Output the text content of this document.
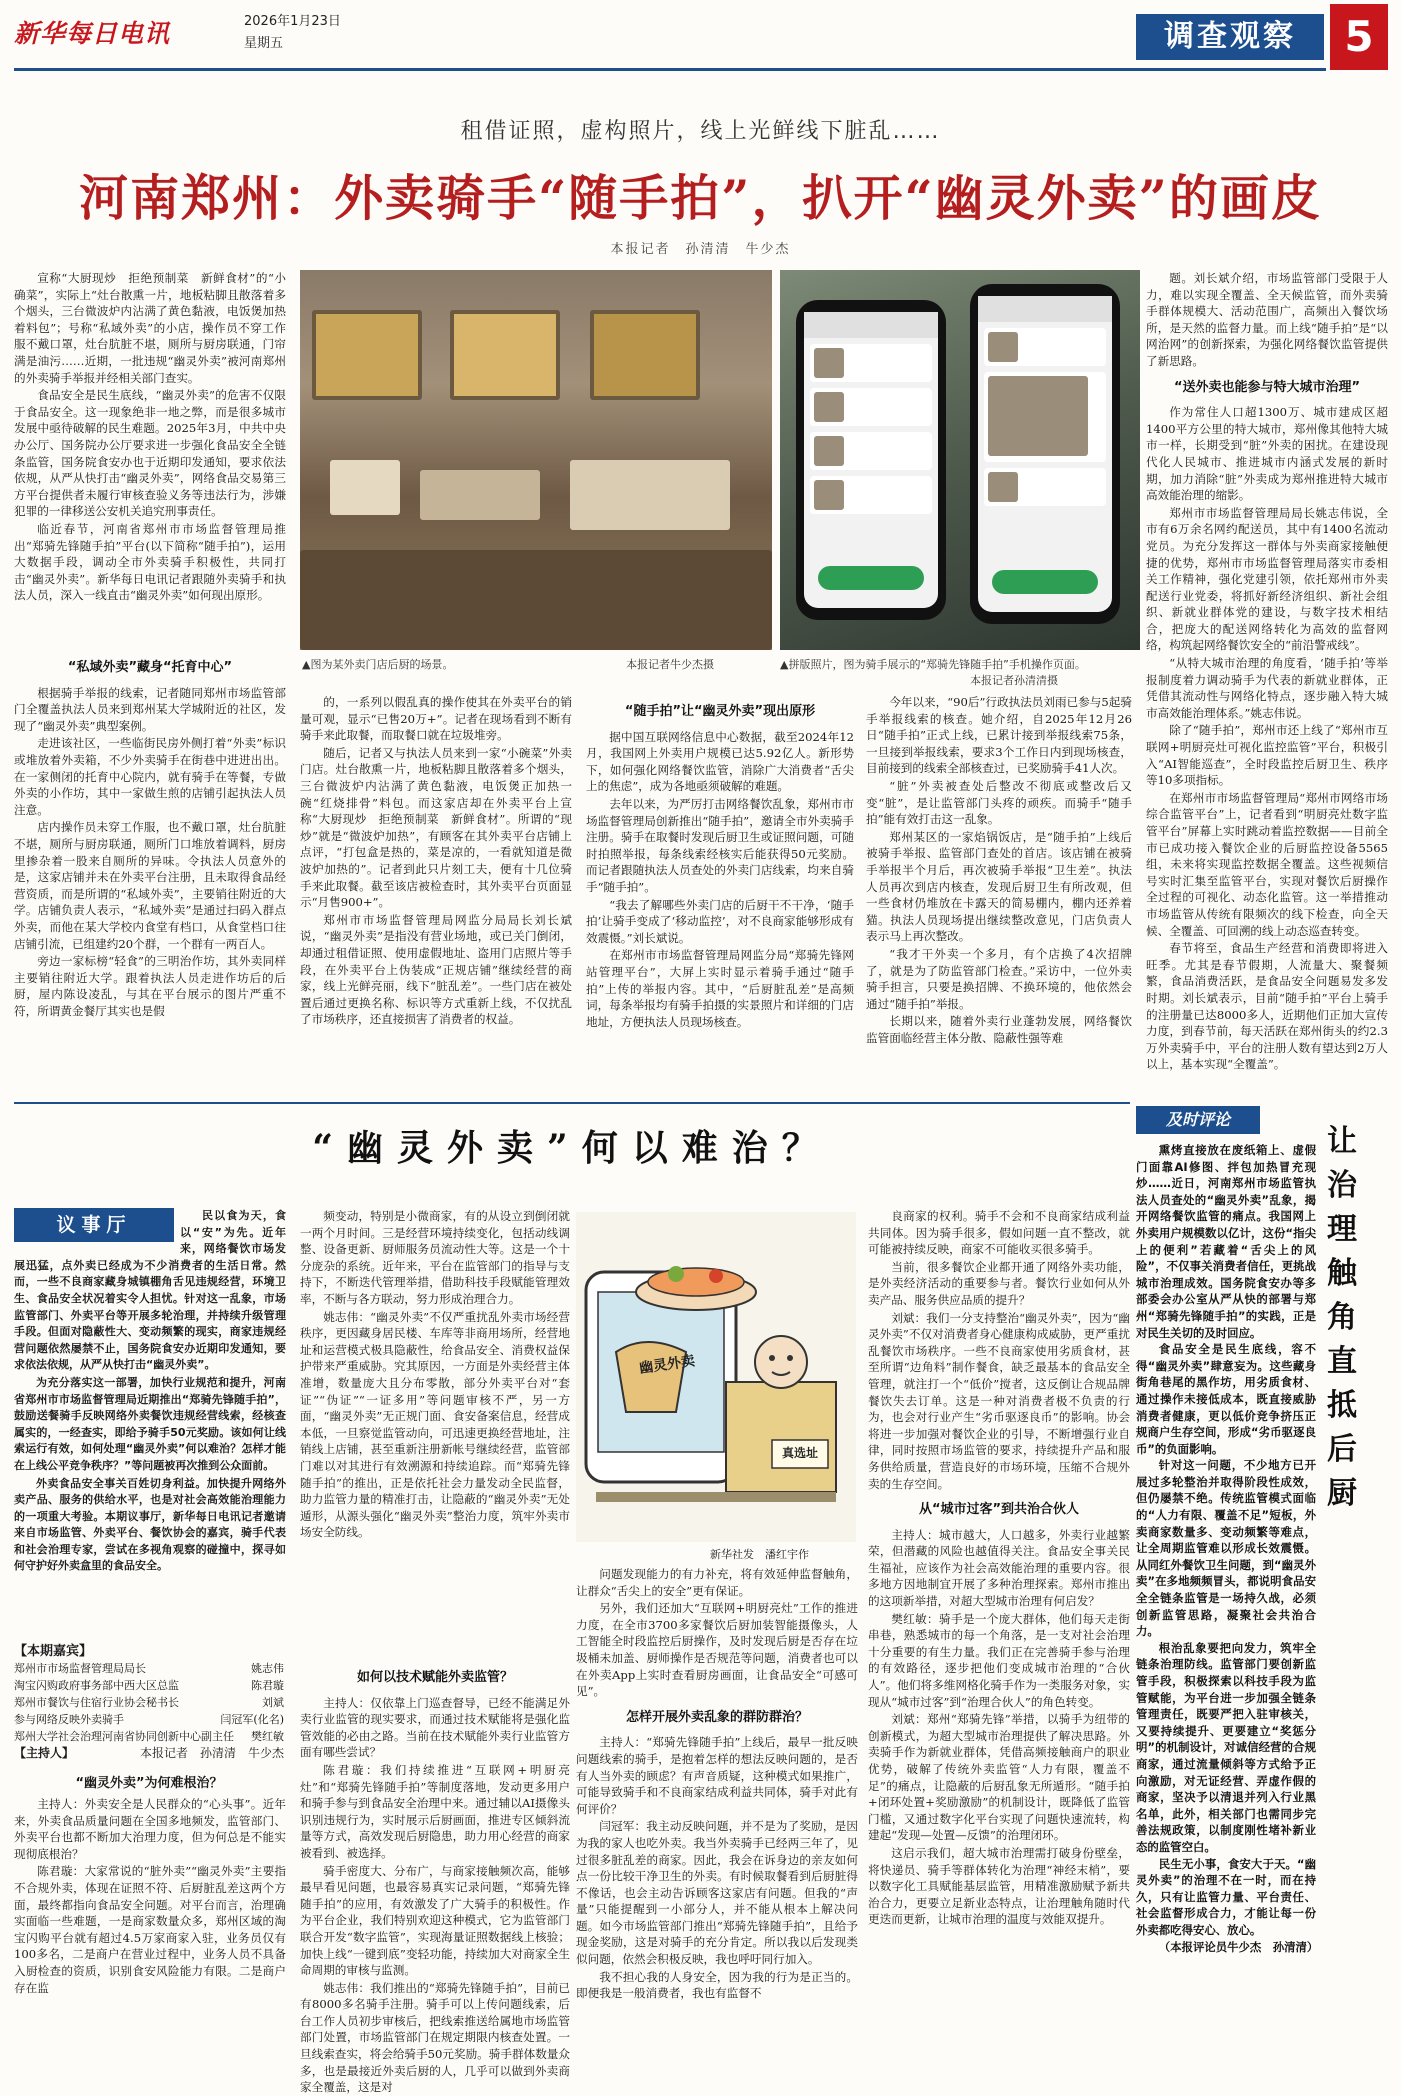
新华每日电讯	2026年1月23日
星期五	调查观察	5
租借证照，虚构照片，线上光鲜线下脏乱……
河南郑州：外卖骑手“随手拍”，扒开“幽灵外卖”的画皮
本报记者　孙清清　牛少杰

宣称“大厨现炒　拒绝预制菜　新鲜食材”的“小确菜”，实际上“灶台散熏一片，地板粘脚且散落着多个烟头，三台微波炉内沾满了黄色黏液，电饭煲加热着料包”；号称“私域外卖”的小店，操作员不穿工作服不戴口罩，灶台肮脏不堪，厕所与厨房联通，门帘满是油污……近期，一批违规“幽灵外卖”被河南郑州的外卖骑手举报并经相关部门查实。

食品安全是民生底线，“幽灵外卖”的危害不仅限于食品安全。这一现象绝非一地之弊，而是很多城市发展中亟待破解的民生难题。2025年3月，中共中央办公厅、国务院办公厅要求进一步强化食品安全全链条监管，国务院食安办也于近期印发通知，要求依法依规，从严从快打击“幽灵外卖”，网络食品交易第三方平台提供者未履行审核查验义务等违法行为，涉嫌犯罪的一律移送公安机关追究刑事责任。

临近春节，河南省郑州市市场监督管理局推出“郑骑先锋随手拍”平台(以下简称“随手拍”)，运用大数据手段，调动全市外卖骑手积极性，共同打击“幽灵外卖”。新华每日电讯记者跟随外卖骑手和执法人员，深入一线直击“幽灵外卖”如何现出原形。

▲图为某外卖门店后厨的场景。	本报记者牛少杰摄	▲拼版照片，图为骑手展示的“郑骑先锋随手拍”手机操作页面。
本报记者孙清清摄
“私域外卖”藏身“托育中心”

根据骑手举报的线索，记者随同郑州市场监管部门全覆盖执法人员来到郑州某大学城附近的社区，发现了“幽灵外卖”典型案例。

走进该社区，一些临街民房外侧打着“外卖”标识或堆放着外卖箱，不少外卖骑手在街巷中进进出出。在一家侧闭的托育中心院内，就有骑手在等餐，专做外卖的小作坊，其中一家做生煎的店铺引起执法人员注意。

店内操作员未穿工作服，也不戴口罩，灶台肮脏不堪，厕所与厨房联通，厕所门口堆放着调料，厨房里掺杂着一股来自厕所的异味。令执法人员意外的是，这家店铺并未在外卖平台注册，且未取得食品经营资质，而是所谓的“私域外卖”，主要销往附近的大学。店铺负责人表示，“私域外卖”是通过扫码入群点外卖，而他在某大学校内食堂有档口，从食堂档口往店铺引流，已组建约20个群，一个群有一两百人。

旁边一家标榜“轻食”的三明治作坊，其外卖同样主要销往附近大学。跟着执法人员走进作坊后的后厨，屋内陈设凌乱，与其在平台展示的图片严重不符，所谓黄金餐厅其实也是假

的，一系列以假乱真的操作使其在外卖平台的销量可观，显示“已售20万+”。记者在现场看到不断有骑手来此取餐，而取餐口就在垃圾堆旁。

随后，记者又与执法人员来到一家“小碗菜”外卖门店。灶台散熏一片，地板粘脚且散落着多个烟头，三台微波炉内沾满了黄色黏液，电饭煲正加热一碗“红烧排骨”料包。而这家店却在外卖平台上宣称“大厨现炒　拒绝预制菜　新鲜食材”。所谓的“现炒”就是“微波炉加热”，有顾客在其外卖平台店铺上点评，“打包盒是热的，菜是凉的，一看就知道是微波炉加热的”。记者到此只片刻工夫，便有十几位骑手来此取餐。截至该店被检查时，其外卖平台页面显示“月售900+”。

郑州市市场监督管理局网监分局局长刘长斌说，“幽灵外卖”是指没有营业场地，或已关门倒闭，却通过租借证照、使用虚假地址、盗用门店照片等手段，在外卖平台上伪装成“正规店铺”继续经营的商家，线上光鲜亮丽，线下“脏乱差”。一些门店在被处置后通过更换名称、标识等方式重新上线，不仅扰乱了市场秩序，还直接损害了消费者的权益。

“随手拍”让“幽灵外卖”现出原形

据中国互联网络信息中心数据，截至2024年12月，我国网上外卖用户规模已达5.92亿人。新形势下，如何强化网络餐饮监管，消除广大消费者“舌尖上的焦虑”，成为各地亟须破解的难题。

去年以来，为严厉打击网络餐饮乱象，郑州市市场监督管理局创新推出“随手拍”，邀请全市外卖骑手注册。骑手在取餐时发现后厨卫生或证照问题，可随时拍照举报，每条线索经核实后能获得50元奖励。而记者跟随执法人员查处的外卖门店线索，均来自骑手“随手拍”。

“我去了解哪些外卖门店的后厨干不干净，‘随手拍’让骑手变成了‘移动监控’，对不良商家能够形成有效震慑。”刘长斌说。

在郑州市市场监督管理局网监分局“郑骑先锋网站管理平台”，大屏上实时显示着骑手通过“随手拍”上传的举报内容。其中，“后厨脏乱差”是高频词，每条举报均有骑手拍摄的实景照片和详细的门店地址，方便执法人员现场核查。

今年以来，“90后”行政执法员刘雨已参与5起骑手举报线索的核查。她介绍，自2025年12月26日“随手拍”正式上线，已累计接到举报线索75条，一旦接到举报线索，要求3个工作日内到现场核查，目前接到的线索全部核查过，已奖励骑手41人次。

“脏”外卖被查处后整改不彻底或整改后又变“脏”，是让监管部门头疼的顽疾。而骑手“随手拍”能有效打击这一乱象。

郑州某区的一家焰锅饭店，是“随手拍”上线后被骑手举报、监管部门查处的首店。该店铺在被骑手举报半个月后，再次被骑手举报“卫生差”。执法人员再次到店内核查，发现后厨卫生有所改观，但一些食材仍堆放在卡露天的简易棚内，棚内还养着猫。执法人员现场提出继续整改意见，门店负责人表示马上再次整改。

“我才干外卖一个多月，有个店换了4次招牌了，就是为了防监管部门检查。”采访中，一位外卖骑手担言，只要是换招牌、不换环境的，他依然会通过“随手拍”举报。

长期以来，随着外卖行业蓬勃发展，网络餐饮监管面临经营主体分散、隐蔽性强等难

题。刘长斌介绍，市场监管部门受限于人力，难以实现全覆盖、全天候监管，而外卖骑手群体规模大、活动范围广，高频出入餐饮场所，是天然的监督力量。而上线“随手拍”是“以网治网”的创新探索，为强化网络餐饮监管提供了新思路。

“送外卖也能参与特大城市治理”

作为常住人口超1300万、城市建成区超1400平方公里的特大城市，郑州像其他特大城市一样，长期受到“脏”外卖的困扰。在建设现代化人民城市、推进城市内涵式发展的新时期，加力消除“脏”外卖成为郑州推进特大城市高效能治理的缩影。

郑州市市场监督管理局局长姚志伟说，全市有6万余名网约配送员，其中有1400名流动党员。为充分发挥这一群体与外卖商家接触便捷的优势，郑州市市场监督管理局落实市委相关工作精神，强化党建引领，依托郑州市外卖配送行业党委，将抓好新经济组织、新社会组织、新就业群体党的建设，与数字技术相结合，把庞大的配送网络转化为高效的监督网络，构筑起网络餐饮安全的“前沿警戒线”。

“从特大城市治理的角度看，‘随手拍’等举报制度着力调动骑手为代表的新就业群体，正凭借其流动性与网络化特点，逐步融入特大城市高效能治理体系。”姚志伟说。

除了“随手拍”，郑州市还上线了“郑州市互联网+明厨亮灶可视化监控监管”平台，积极引入“AI智能巡查”，全时段监控后厨卫生、秩序等10多项指标。

在郑州市市场监督管理局“郑州市网络市场综合监管平台”上，记者看到“明厨亮灶数字监管平台”屏幕上实时跳动着监控数据——目前全市已成功接入餐饮企业的后厨监控设备5565组，未来将实现监控数据全覆盖。这些视频信号实时汇集至监管平台，实现对餐饮后厨操作全过程的可视化、动态化监管。这一举措推动市场监管从传统有限频次的线下检查，向全天候、全覆盖、可回溯的线上动态巡查转变。

春节将至，食品生产经营和消费即将进入旺季。尤其是春节假期，人流量大、聚餐频繁，食品消费活跃，是食品安全问题易发多发时期。刘长斌表示，目前“随手拍”平台上骑手的注册量已达8000多人，近期他们正加大宣传力度，到春节前，每天活跃在郑州街头的约2.3万外卖骑手中，平台的注册人数有望达到2万人以上，基本实现“全覆盖”。

“幽灵外卖”何以难治？
议事厅	民以食为天，食以“安”为先。近年来，网络餐饮市场发展迅猛，点外卖已经成为不少消费者的生活日常。然而，一些不良商家藏身城镇棚角舌见违规经营，环境卫生、食品安全状况着实令人担忧。针对这一乱象，市场监管部门、外卖平台等开展多轮治理，并持续升级管理手段。但面对隐蔽性大、变动频繁的现实，商家违规经营问题依然屡禁不止，国务院食安办近期印发通知，要求依法依规，从严从快打击“幽灵外卖”。

为充分落实这一部署，加快行业规范和提升，河南省郑州市市场监督管理局近期推出“郑骑先锋随手拍”，鼓励送餐骑手反映网络外卖餐饮违规经营线索，经核查属实的，一经查实，即给予骑手50元奖励。该如何让线索运行有效，如何处理“幽灵外卖”何以难治？怎样才能在上线公平竞争秩序？”等问题被再次推到公众面前。

外卖食品安全事关百姓切身利益。加快提升网络外卖产品、服务的供给水平，也是对社会高效能治理能力的一项重大考验。本期议事厅，新华每日电讯记者邀请来自市场监管、外卖平台、餐饮协会的嘉宾，骑手代表和社会治理专家，尝试在多视角观察的碰撞中，探寻如何守护好外卖盒里的食品安全。

【本期嘉宾】
郑州市市场监督管理局局长	姚志伟
淘宝闪购政府事务部中西大区总监	陈君璇
郑州市餐饮与住宿行业协会秘书长	刘斌
参与网络反映外卖骑手	闫冠军(化名)
郑州大学社会治理河南省协同创新中心副主任 樊红敏
【主持人】	本报记者　孙清清　牛少杰
“幽灵外卖”为何难根治？

主持人：外卖安全是人民群众的“心头事”。近年来，外卖食品质量问题在全国多地频发，监管部门、外卖平台也都不断加大治理力度，但为何总是不能实现彻底根治？

陈君璇：大家常说的“脏外卖”“幽灵外卖”主要指不合规外卖，体现在证照不符、后厨脏乱差这两个方面，最终都指向食品安全问题。对平台而言，治理确实面临一些难题，一是商家数量众多，郑州区域的淘宝闪购平台就有超过4.5万家商家入驻，业务员仅有100多名，二是商户在营业过程中，业务人员不具备入厨检查的资质，识别食安风险能力有限。二是商户存在监

频变动，特别是小微商家，有的从设立到倒闭就一两个月时间。三是经营环境持续变化，包括动线调整、设备更新、厨师服务员流动性大等。这是一个十分庞杂的系统。近年来，平台在监管部门的指导与支持下，不断迭代管理举措，借助科技手段赋能管理效率，不断与各方联动，努力形成治理合力。

姚志伟：“幽灵外卖”不仅严重扰乱外卖市场经营秩序，更因藏身居民楼、车库等非商用场所，经营地址和运营模式极具隐蔽性，给食品安全、消费权益保护带来严重威胁。究其原因，一方面是外卖经营主体准增，数量庞大且分布零散，部分外卖平台对“套证”“伪证”“一证多用”等问题审核不严，另一方面，“幽灵外卖”无正规门面、食安备案信息，经营成本低，一旦察觉监管动向，可迅速更换经营地址，注销线上店铺，甚至重新注册新帐号继续经营，监管部门难以对其进行有效溯源和持续追踪。而“郑骑先锋随手拍”的推出，正是依托社会力量发动全民监督，助力监管力量的精准打击，让隐蔽的“幽灵外卖”无处遁形，从源头强化“幽灵外卖”整治力度，筑牢外卖市场安全防线。

如何以技术赋能外卖监管？

主持人：仅依靠上门巡查督导，已经不能满足外卖行业监管的现实要求，而通过技术赋能将是强化监管效能的必由之路。当前在技术赋能外卖行业监管方面有哪些尝试？

陈君璇：我们持续推进“互联网+明厨亮灶”和“郑骑先锋随手拍”等制度落地，发动更多用户和骑手参与到食品安全治理中来。通过辅以AI摄像头识别违规行为，实时展示后厨画面，推进专区倾斜流量等方式，高效发现后厨隐患，助力用心经营的商家被看到、被选择。

骑手密度大、分布广，与商家接触频次高，能够最早看见问题，也最容易真实记录问题，“郑骑先锋随手拍”的应用，有效激发了广大骑手的积极性。作为平台企业，我们特别欢迎这种模式，它为监管部门联合开发“数字监管”，实现海量证照数据线上核验；加快上线“一键到底”变轻功能，持续加大对商家全生命周期的审核与监测。

姚志伟：我们推出的“郑骑先锋随手拍”，目前已有8000多名骑手注册。骑手可以上传问题线索，后台工作人员初步审核后，把线索推送给属地市场监管部门处置，市场监管部门在规定期限内核查处置。一旦线索查实，将会给骑手50元奖励。骑手群体数量众多，也是最接近外卖后厨的人，几乎可以做到外卖商家全覆盖，这是对

幽灵外卖
真选址
新华社发　潘红宇作

问题发现能力的有力补充，将有效延伸监督触角，让群众“舌尖上的安全”更有保证。

另外，我们还加大“互联网+明厨亮灶”工作的推进力度，在全市3700多家餐饮后厨加装智能摄像头，人工智能全时段监控后厨操作，及时发现后厨是否存在垃圾桶未加盖、厨师操作是否规范等问题，消费者也可以在外卖App上实时查看厨房画面，让食品安全“可感可见”。

怎样开展外卖乱象的群防群治？

主持人：“郑骑先锋随手拍”上线后，最早一批反映问题线索的骑手，是抱着怎样的想法反映问题的，是否有人当外卖的顾虑？有声音质疑，这种模式如果推广，可能导致骑手和不良商家结成利益共同体，骑手对此有何评价？

闫冠军：我主动反映问题，并不是为了奖励，是因为我的家人也吃外卖。我当外卖骑手已经两三年了，见过很多脏乱差的商家。因此，我会在诉身边的亲友如何点一份比较干净卫生的外卖。有时候取餐看到后厨脏得不像话，也会主动告诉顾客这家店有问题。但我的“声量”只能提醒到一小部分人，并不能从根本上解决问题。如今市场监管部门推出“郑骑先锋随手拍”，且给予现金奖励，这是对骑手的充分肯定。所以我以后发现类似问题，依然会积极反映，我也呼吁同行加入。

我不担心我的人身安全，因为我的行为是正当的。即便我是一般消费者，我也有监督不

良商家的权利。骑手不会和不良商家结成利益共同体。因为骑手很多，假如问题一直不整改，就可能被持续反映，商家不可能收买很多骑手。

当前，很多餐饮企业都开通了网络外卖功能，是外卖经济活动的重要参与者。餐饮行业如何从外卖产品、服务供应品质的提升？

刘斌：我们一分支持整治“幽灵外卖”，因为“幽灵外卖”不仅对消费者身心健康构成威胁，更严重扰乱餐饮市场秩序。一些不良商家使用劣质食材，甚至所谓“边角料”制作餐食，缺乏最基本的食品安全管理，就注打一个“低价”搅者，这反倒让合规品牌餐饮失去订单。这是一种对消费者极不负责的行为，也会对行业产生“劣币驱逐良币”的影响。协会将进一步加强对餐饮企业的引导，不断增强行业自律，同时按照市场监管的要求，持续提升产品和服务供给质量，营造良好的市场环境，压缩不合规外卖的生存空间。

从“城市过客”到共治合伙人

主持人：城市越大，人口越多，外卖行业越繁荣，但潜藏的风险也越值得关注。食品安全事关民生福祉，应该作为社会高效能治理的重要内容。很多地方因地制宜开展了多种治理探索。郑州市推出的这项新举措，对超大型城市治理有何启发？

樊红敏：骑手是一个庞大群体，他们每天走街串巷，熟悉城市的每一个角落，是一支对社会治理十分重要的有生力量。我们正在完善骑手参与治理的有效路径，逐步把他们变成城市治理的“合伙人”。他们将多维网格化骑手作为一类服务对象，实现从“城市过客”到“治理合伙人”的角色转变。

刘斌：郑州“郑骑先锋”举措，以骑手为纽带的创新模式，为超大型城市治理提供了解决思路。外卖骑手作为新就业群体，凭借高频接触商户的职业优势，破解了传统外卖监管“人力有限，覆盖不足”的痛点，让隐蔽的后厨乱象无所遁形。“随手拍+闭环处置+奖励激励”的机制设计，既降低了监管门槛，又通过数字化平台实现了问题快速流转，构建起“发现—处置—反馈”的治理闭环。

这启示我们，超大城市治理需打破身份壁垒，将快递员、骑手等群体转化为治理“神经末梢”，要以数字化工具赋能基层监管，用精准激励赋予新共治合力，更要立足新业态特点，让治理触角随时代更迭而更新，让城市治理的温度与效能双提升。

及时评论
让治理触角直抵后厨

熏烤直接放在废纸箱上、虚假门面靠AI修图、拌包加热冒充现炒……近日，河南郑州市场监管执法人员查处的“幽灵外卖”乱象，揭开网络餐饮监管的痛点。我国网上外卖用户规模数以亿计，这份“指尖上的便利”若藏着“舌尖上的风险”，不仅事关消费者信任，更挑战城市治理成效。国务院食安办等多部委会办公室从严从快的部署与郑州“郑骑先锋随手拍”的实践，正是对民生关切的及时回应。

食品安全是民生底线，容不得“幽灵外卖”肆意妄为。这些藏身街角巷尾的黑作坊，用劣质食材、通过操作未接低成本，既直接威胁消费者健康，更以低价竞争挤压正规商户生存空间，形成“劣币驱逐良币”的负面影响。

针对这一问题，不少地方已开展过多轮整治并取得阶段性成效，但仍屡禁不绝。传统监管模式面临的“人力有限、覆盖不足”短板，外卖商家数量多、变动频繁等难点，让全周期监管难以形成长效震慑。从同红外餐饮卫生问题，到“幽灵外卖”在多地频频冒头，都说明食品安全全链条监管是一场持久战，必须创新监管思路，凝聚社会共治合力。

根治乱象要把向发力，筑牢全链条治理防线。监管部门要创新监管手段，积极探索以科技手段为监管赋能，为平台进一步加强全链条管理责任，既要严把入驻审核关，又要持续提升、更要建立“奖惩分明”的机制设计，对诚信经营的合规商家，通过流量倾斜等方式给予正向激励，对无证经营、弄虚作假的商家，坚决予以清退并列入行业黑名单，此外，相关部门也需同步完善法规政策，以制度刚性堵补新业态的监管空白。

民生无小事，食安大于天。“幽灵外卖”的治理不在一时，而在持久，只有让监管力量、平台责任、社会监督形成合力，才能让每一份外卖都吃得安心、放心。

（本报评论员牛少杰　孙清清）
